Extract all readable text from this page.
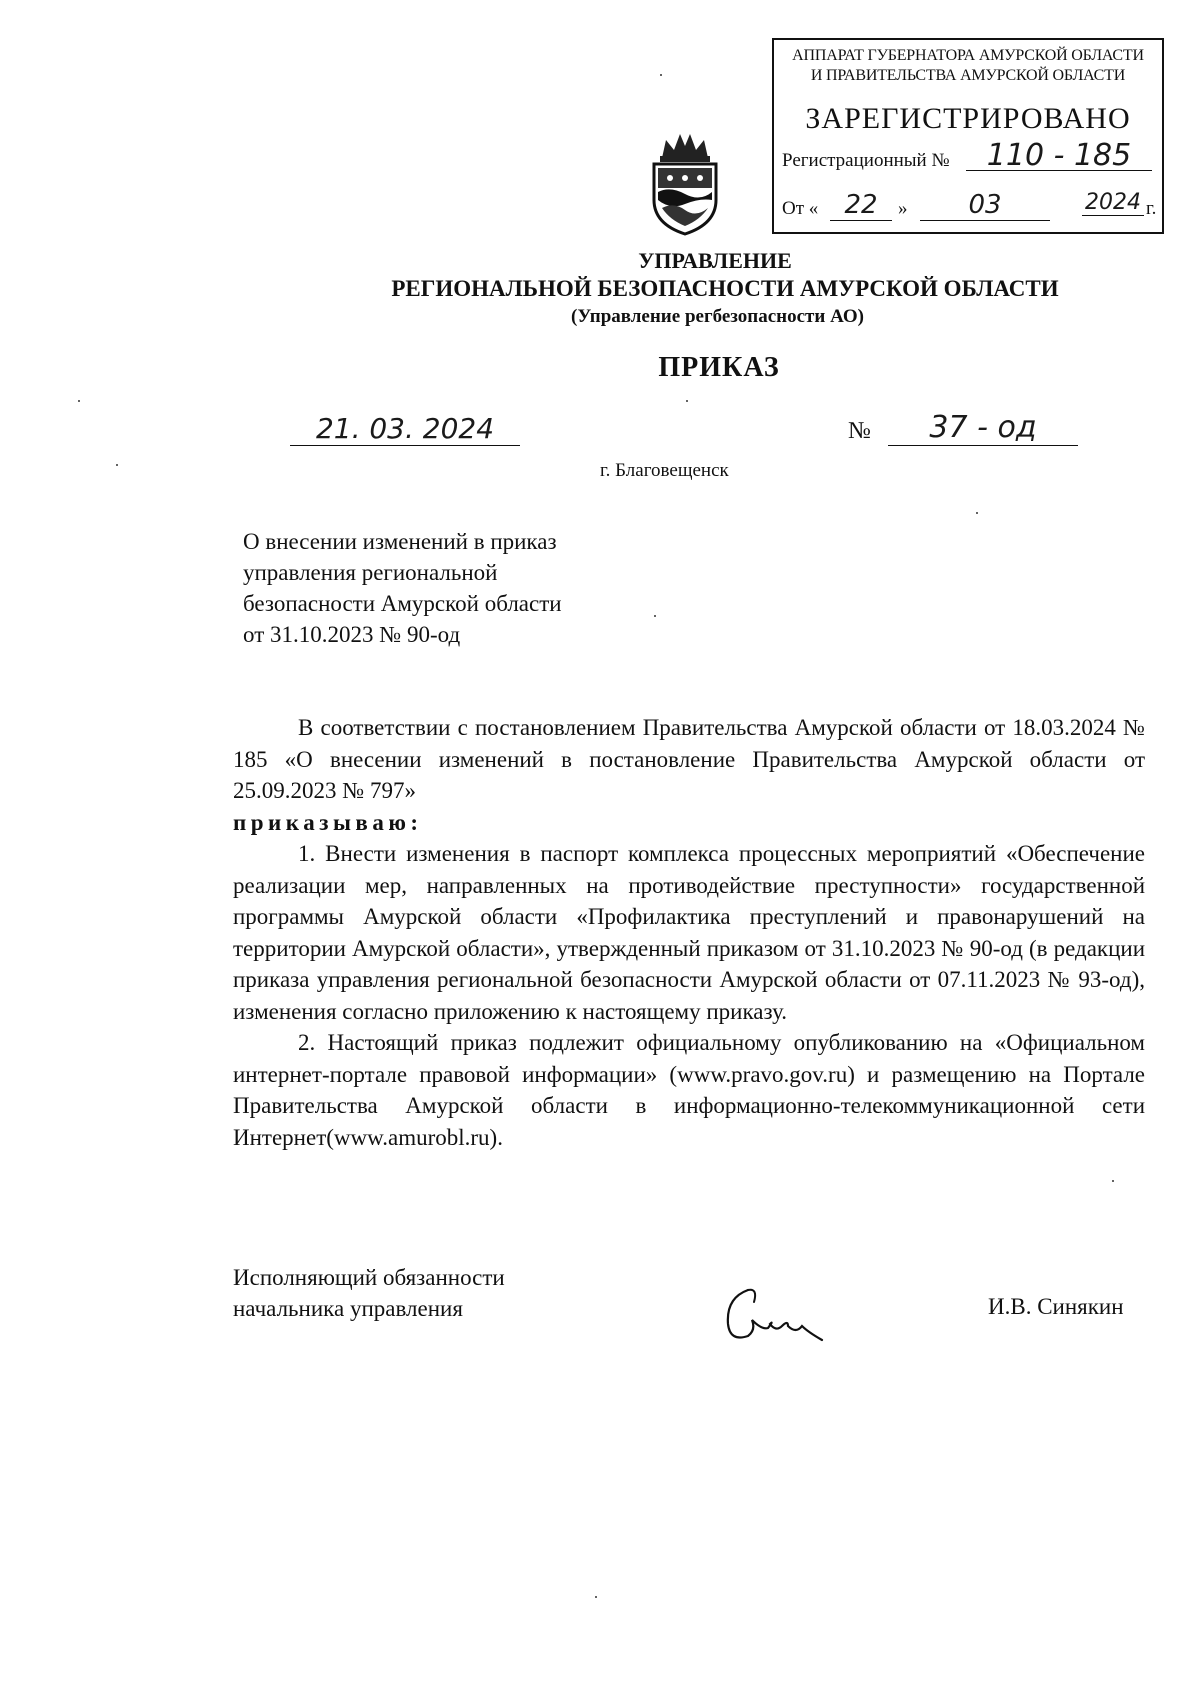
АППАРАТ ГУБЕРНАТОРА АМУРСКОЙ ОБЛАСТИ
И ПРАВИТЕЛЬСТВА АМУРСКОЙ ОБЛАСТИ
ЗАРЕГИСТРИРОВАНО
Регистрационный №	110 - 185
От «	22	»	03	2024 г.
УПРАВЛЕНИЕ
РЕГИОНАЛЬНОЙ БЕЗОПАСНОСТИ АМУРСКОЙ ОБЛАСТИ
(Управление регбезопасности АО)
ПРИКАЗ
21. 03. 2024	№	37 - од
г. Благовещенск
О внесении изменений в приказ
управления региональной
безопасности Амурской области
от 31.10.2023 № 90-од

В соответствии с постановлением Правительства Амурской области от 18.03.2024 № 185 «О внесении изменений в постановление Правительства Амурской области от 25.09.2023 № 797»

приказываю:

1. Внести изменения в паспорт комплекса процессных мероприятий «Обеспечение реализации мер, направленных на противодействие преступности» государственной программы Амурской области «Профилактика преступлений и правонарушений на территории Амурской области», утвержденный приказом от 31.10.2023 № 90-од (в редакции приказа управления региональной безопасности Амурской области от 07.11.2023 № 93-од), изменения согласно приложению к настоящему приказу.

2. Настоящий приказ подлежит официальному опубликованию на «Официальном интернет-портале правовой информации» (www.pravo.gov.ru) и размещению на Портале Правительства Амурской области в информационно-телекоммуникационной сети Интернет(www.amurobl.ru).

Исполняющий обязанности
начальника управления	И.В. Синякин
